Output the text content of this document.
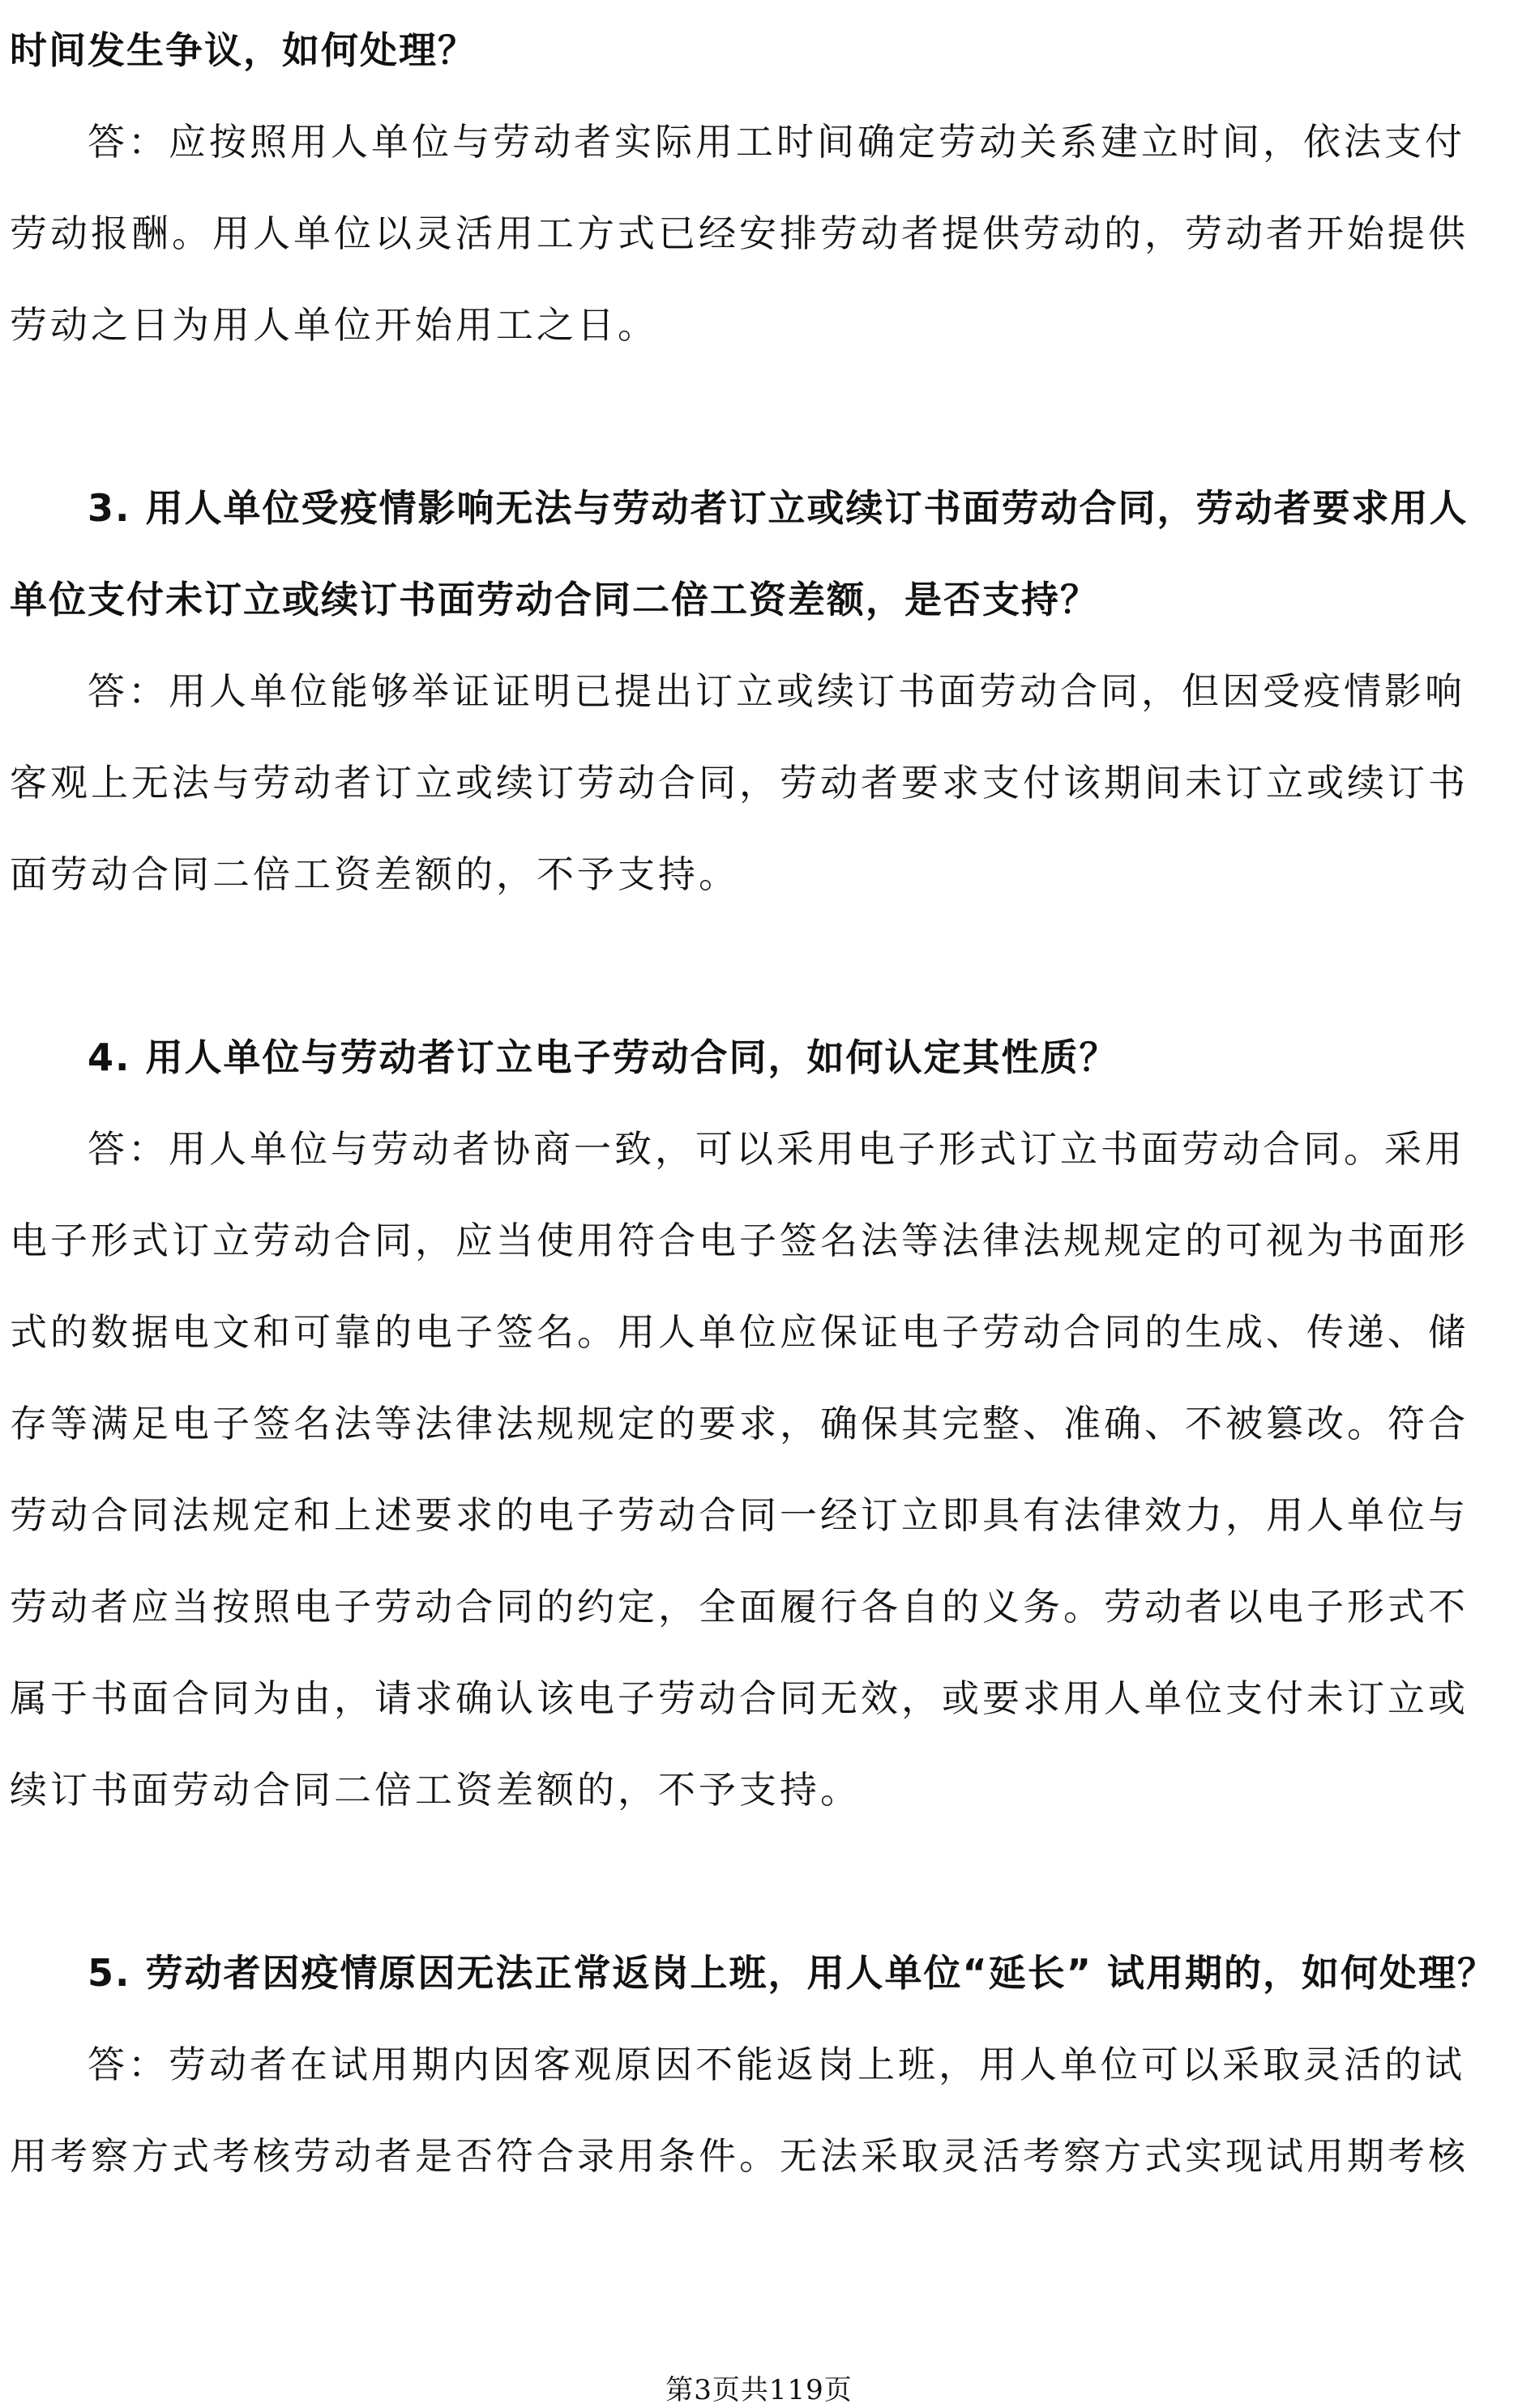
时间发生争议，如何处理？

答：应按照用人单位与劳动者实际用工时间确定劳动关系建立时间，依法支付劳动报酬。用人单位以灵活用工方式已经安排劳动者提供劳动的，劳动者开始提供劳动之日为用人单位开始用工之日。

3. 用人单位受疫情影响无法与劳动者订立或续订书面劳动合同，劳动者要求用人单位支付未订立或续订书面劳动合同二倍工资差额，是否支持？

答：用人单位能够举证证明已提出订立或续订书面劳动合同，但因受疫情影响客观上无法与劳动者订立或续订劳动合同，劳动者要求支付该期间未订立或续订书面劳动合同二倍工资差额的，不予支持。

4. 用人单位与劳动者订立电子劳动合同，如何认定其性质？

答：用人单位与劳动者协商一致，可以采用电子形式订立书面劳动合同。采用电子形式订立劳动合同，应当使用符合电子签名法等法律法规规定的可视为书面形式的数据电文和可靠的电子签名。用人单位应保证电子劳动合同的生成、传递、储存等满足电子签名法等法律法规规定的要求，确保其完整、准确、不被篡改。符合劳动合同法规定和上述要求的电子劳动合同一经订立即具有法律效力，用人单位与劳动者应当按照电子劳动合同的约定，全面履行各自的义务。劳动者以电子形式不属于书面合同为由，请求确认该电子劳动合同无效，或要求用人单位支付未订立或续订书面劳动合同二倍工资差额的，不予支持。

5. 劳动者因疫情原因无法正常返岗上班，用人单位“延长” 试用期的，如何处理？

答：劳动者在试用期内因客观原因不能返岗上班，用人单位可以采取灵活的试用考察方式考核劳动者是否符合录用条件。无法采取灵活考察方式实现试用期考核

第3页共119页
